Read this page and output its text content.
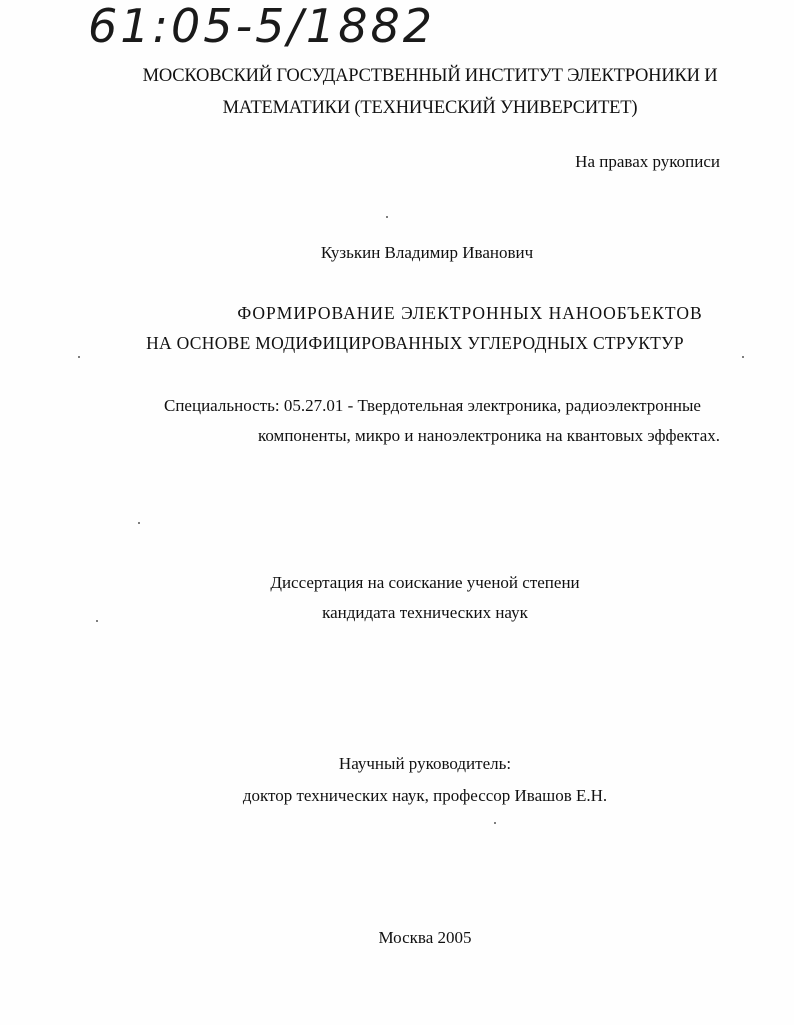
61:05-5/1882
МОСКОВСКИЙ ГОСУДАРСТВЕННЫЙ ИНСТИТУТ ЭЛЕКТРОНИКИ И
МАТЕМАТИКИ (ТЕХНИЧЕСКИЙ УНИВЕРСИТЕТ)
На правах рукописи
Кузькин Владимир Иванович
ФОРМИРОВАНИЕ ЭЛЕКТРОННЫХ НАНООБЪЕКТОВ
НА ОСНОВЕ МОДИФИЦИРОВАННЫХ УГЛЕРОДНЫХ СТРУКТУР
Специальность: 05.27.01 - Твердотельная электроника, радиоэлектронные
компоненты, микро и наноэлектроника на квантовых эффектах.
Диссертация на соискание ученой степени
кандидата технических наук
Научный руководитель:
доктор технических наук, профессор Ивашов Е.Н.
Москва 2005
